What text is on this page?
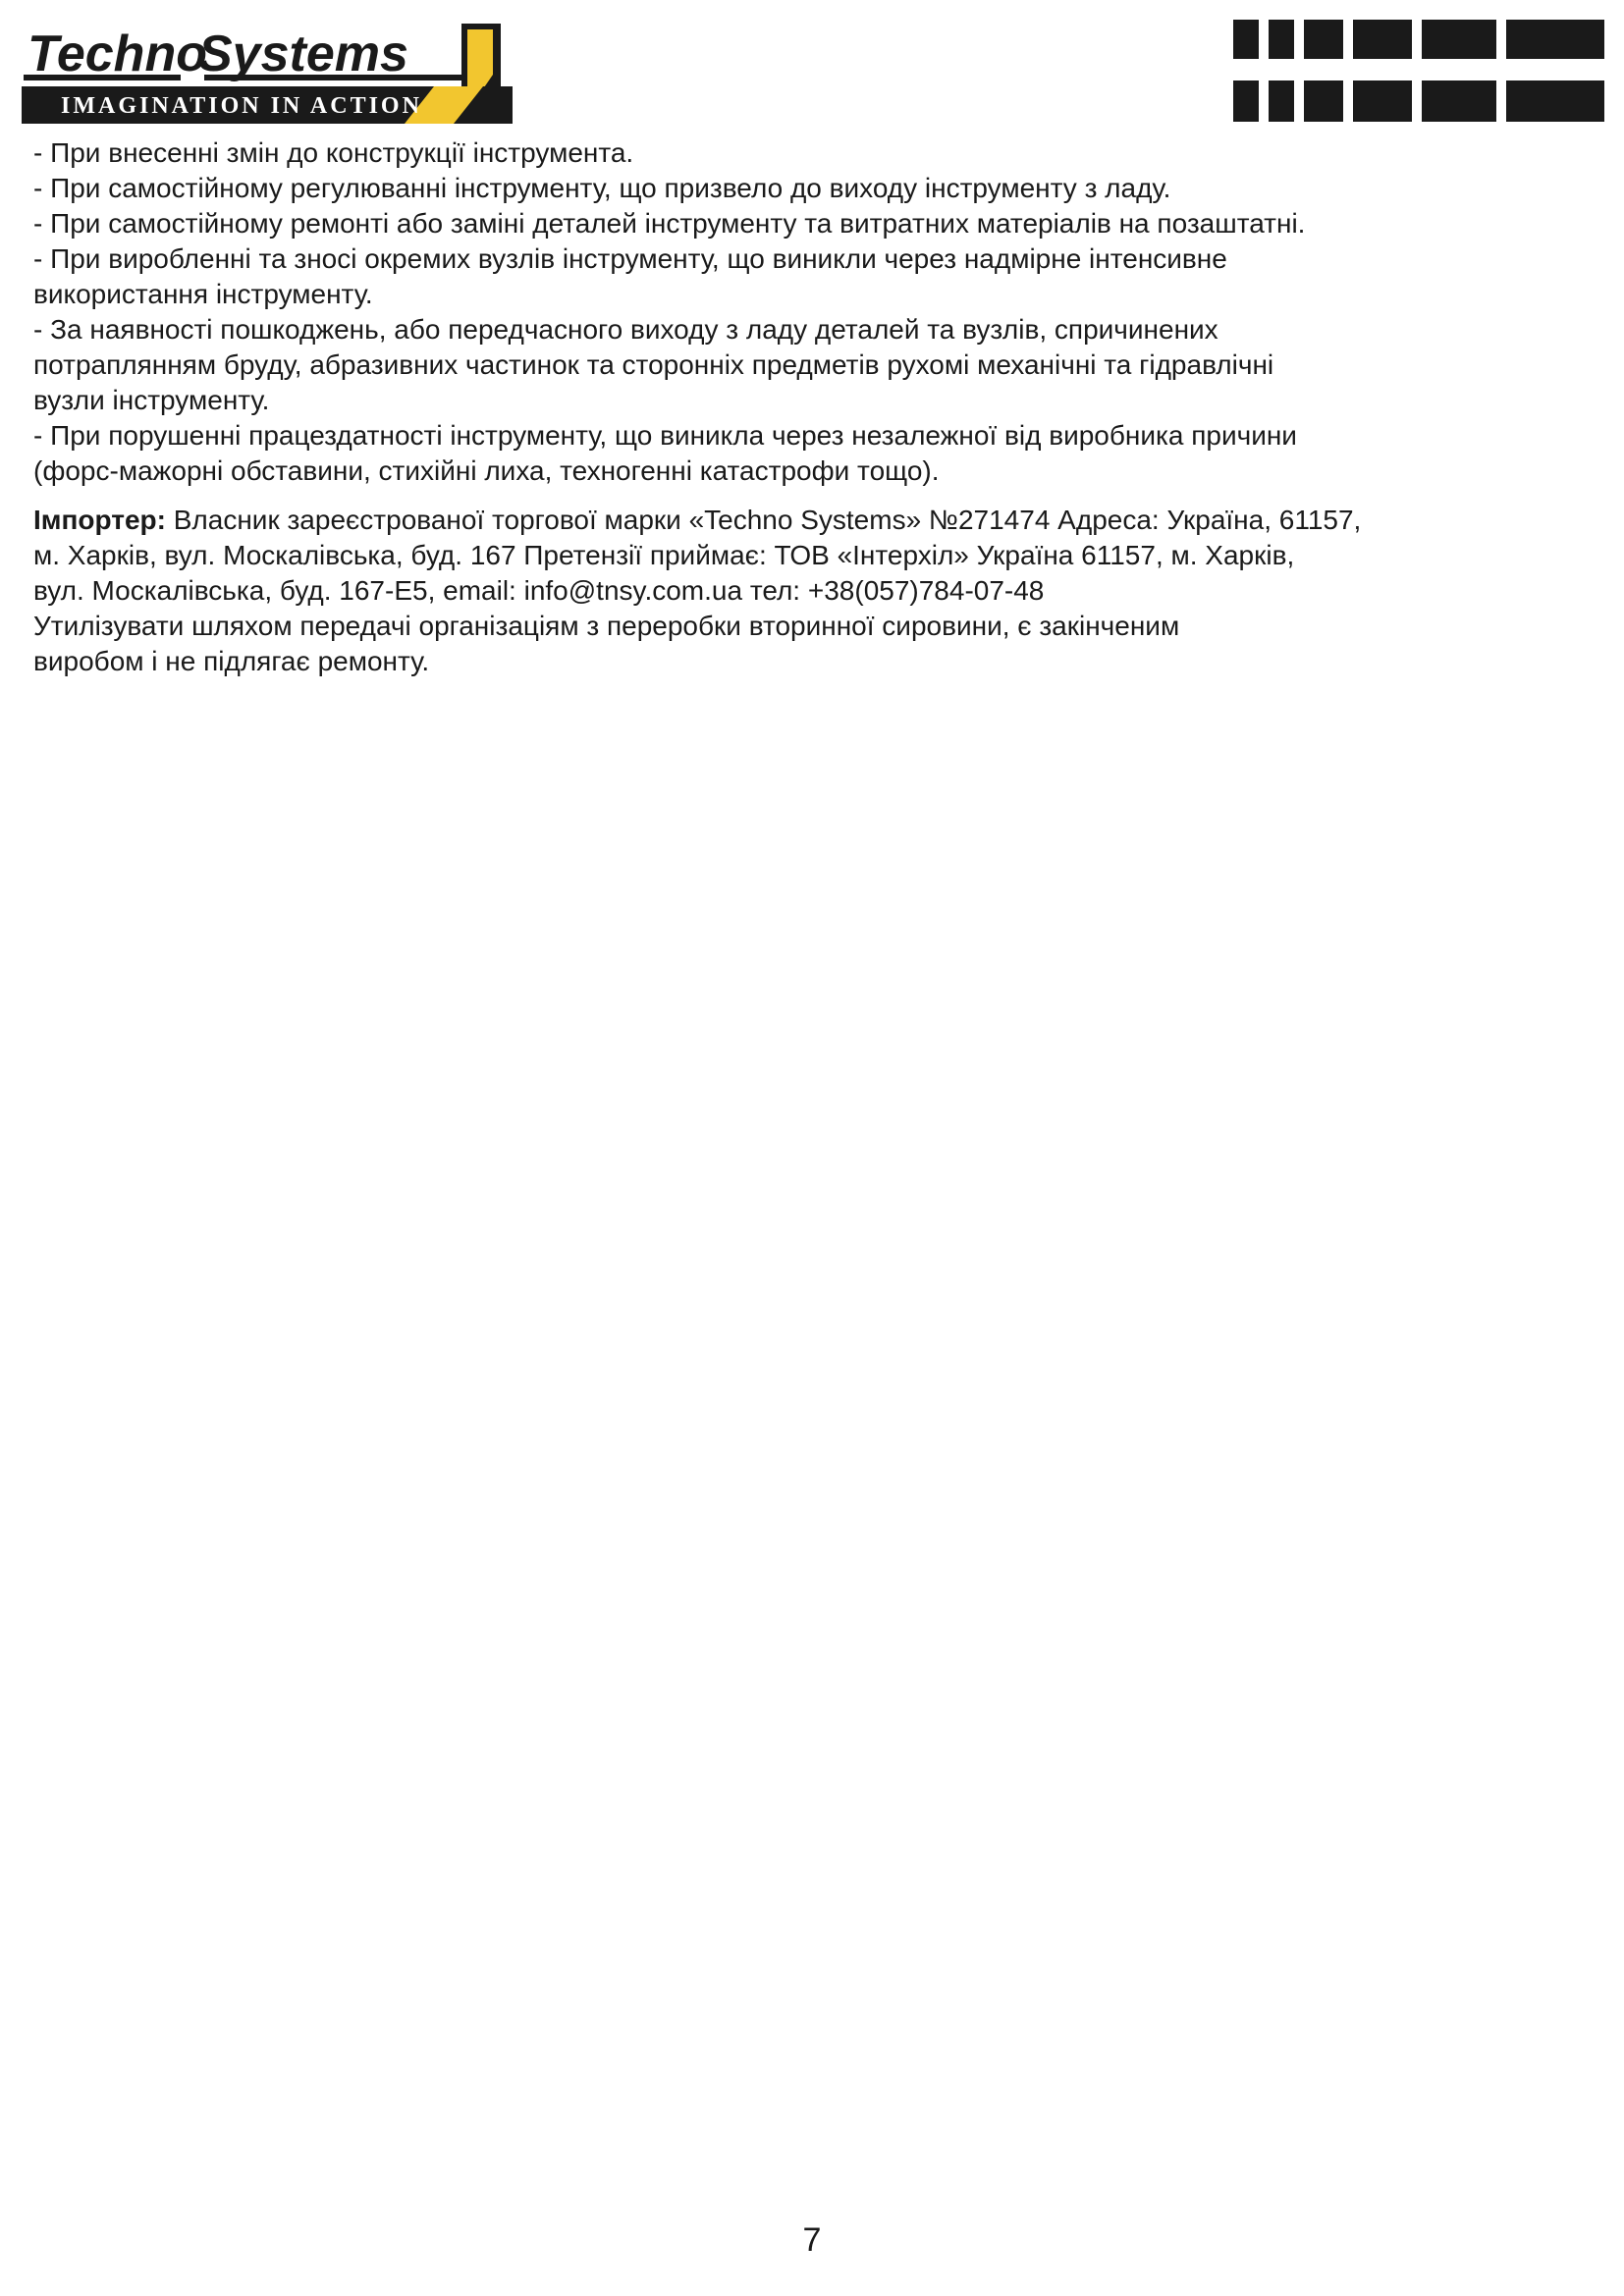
Techno
Systems
IMAGINATION IN ACTION
- При внесенні змін до конструкції інструмента.
- При самостійному регулюванні інструменту, що призвело до виходу інструменту з ладу.
- При самостійному ремонті або заміні деталей інструменту та витратних матеріалів на позаштатні.
- При виробленні та зносі окремих вузлів інструменту, що виникли через надмірне інтенсивне
використання інструменту.
- За наявності пошкоджень, або передчасного виходу з ладу деталей та вузлів, спричинених
потраплянням бруду, абразивних частинок та сторонніх предметів рухомі механічні та гідравлічні
вузли інструменту.
- При порушенні працездатності інструменту, що виникла через незалежної від виробника причини
(форс-мажорні обставини, стихійні лиха, техногенні катастрофи тощо).
Імпортер: Власник зареєстрованої торгової марки «Techno Systems» №271474 Адреса: Україна, 61157,
м. Харків, вул. Москалівська, буд. 167 Претензії приймає: ТОВ «Інтерхіл» Україна 61157, м. Харків,
вул. Москалівська, буд. 167-Е5, email: info@tnsy.com.ua тел: +38(057)784-07-48
Утилізувати шляхом передачі організаціям з переробки вторинної сировини, є закінченим
виробом і не підлягає ремонту.
7
